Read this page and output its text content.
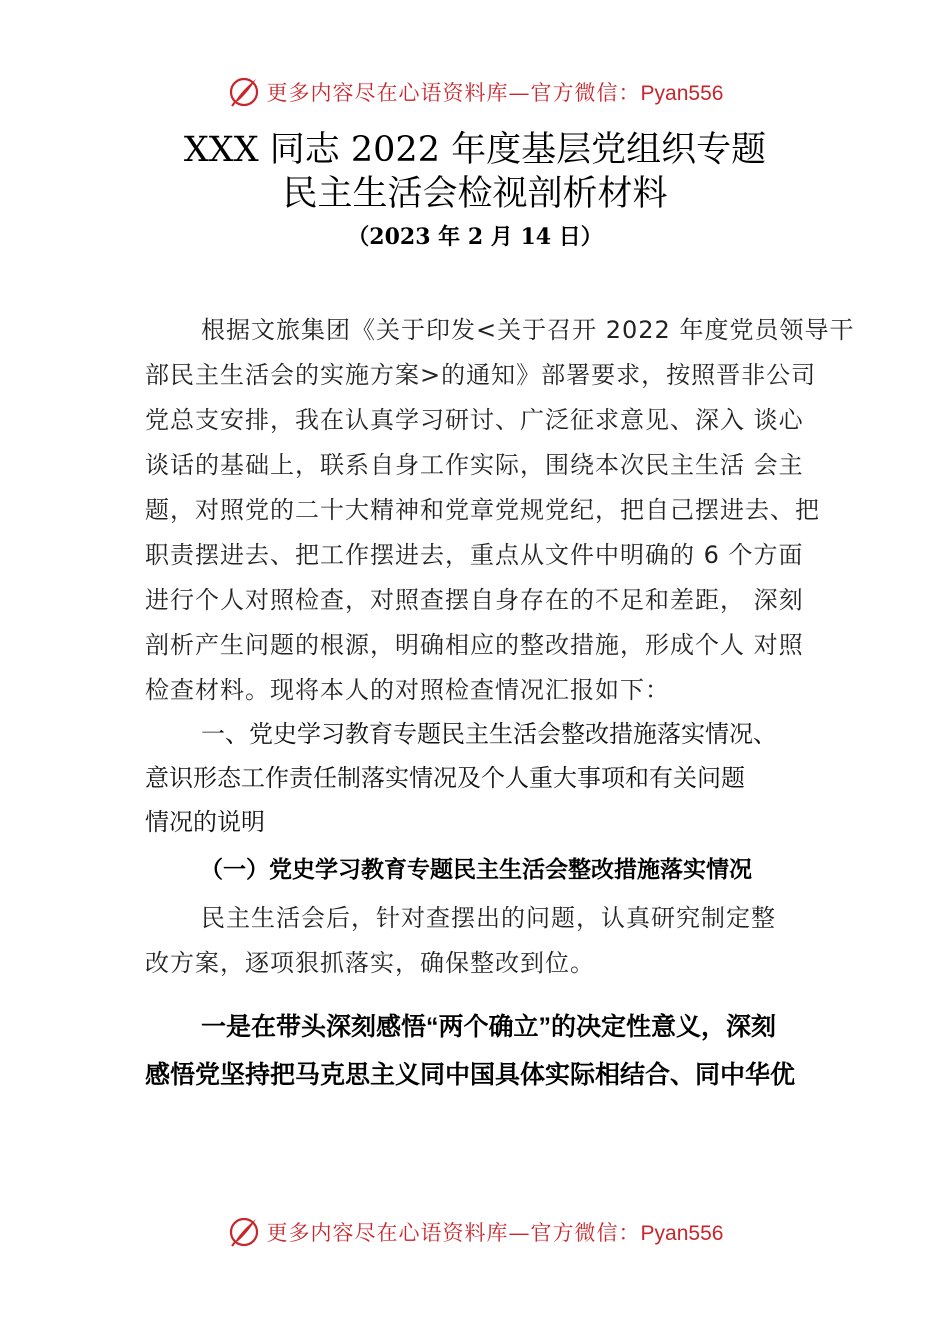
更多内容尽在心语资料库—官方微信：Pyan556
XXX 同志 2022 年度基层党组织专题
民主生活会检视剖析材料
（2023 年 2 月 14 日）
根据文旅集团《关于印发<关于召开 2022 年度党员领导干
部民主生活会的实施方案>的通知》部署要求，按照晋非公司
党总支安排，我在认真学习研讨、广泛征求意见、深入 谈心
谈话的基础上，联系自身工作实际，围绕本次民主生活 会主
题，对照党的二十大精神和党章党规党纪，把自己摆进去、把
职责摆进去、把工作摆进去，重点从文件中明确的 6 个方面
进行个人对照检查，对照查摆自身存在的不足和差距， 深刻
剖析产生问题的根源，明确相应的整改措施，形成个人 对照
检查材料。现将本人的对照检查情况汇报如下：
一、党史学习教育专题民主生活会整改措施落实情况、
意识形态工作责任制落实情况及个人重大事项和有关问题
情况的说明
（一）党史学习教育专题民主生活会整改措施落实情况
民主生活会后，针对查摆出的问题，认真研究制定整
改方案，逐项狠抓落实，确保整改到位。
一是在带头深刻感悟“两个确立”的决定性意义，深刻
感悟党坚持把马克思主义同中国具体实际相结合、同中华优
更多内容尽在心语资料库—官方微信：Pyan556
